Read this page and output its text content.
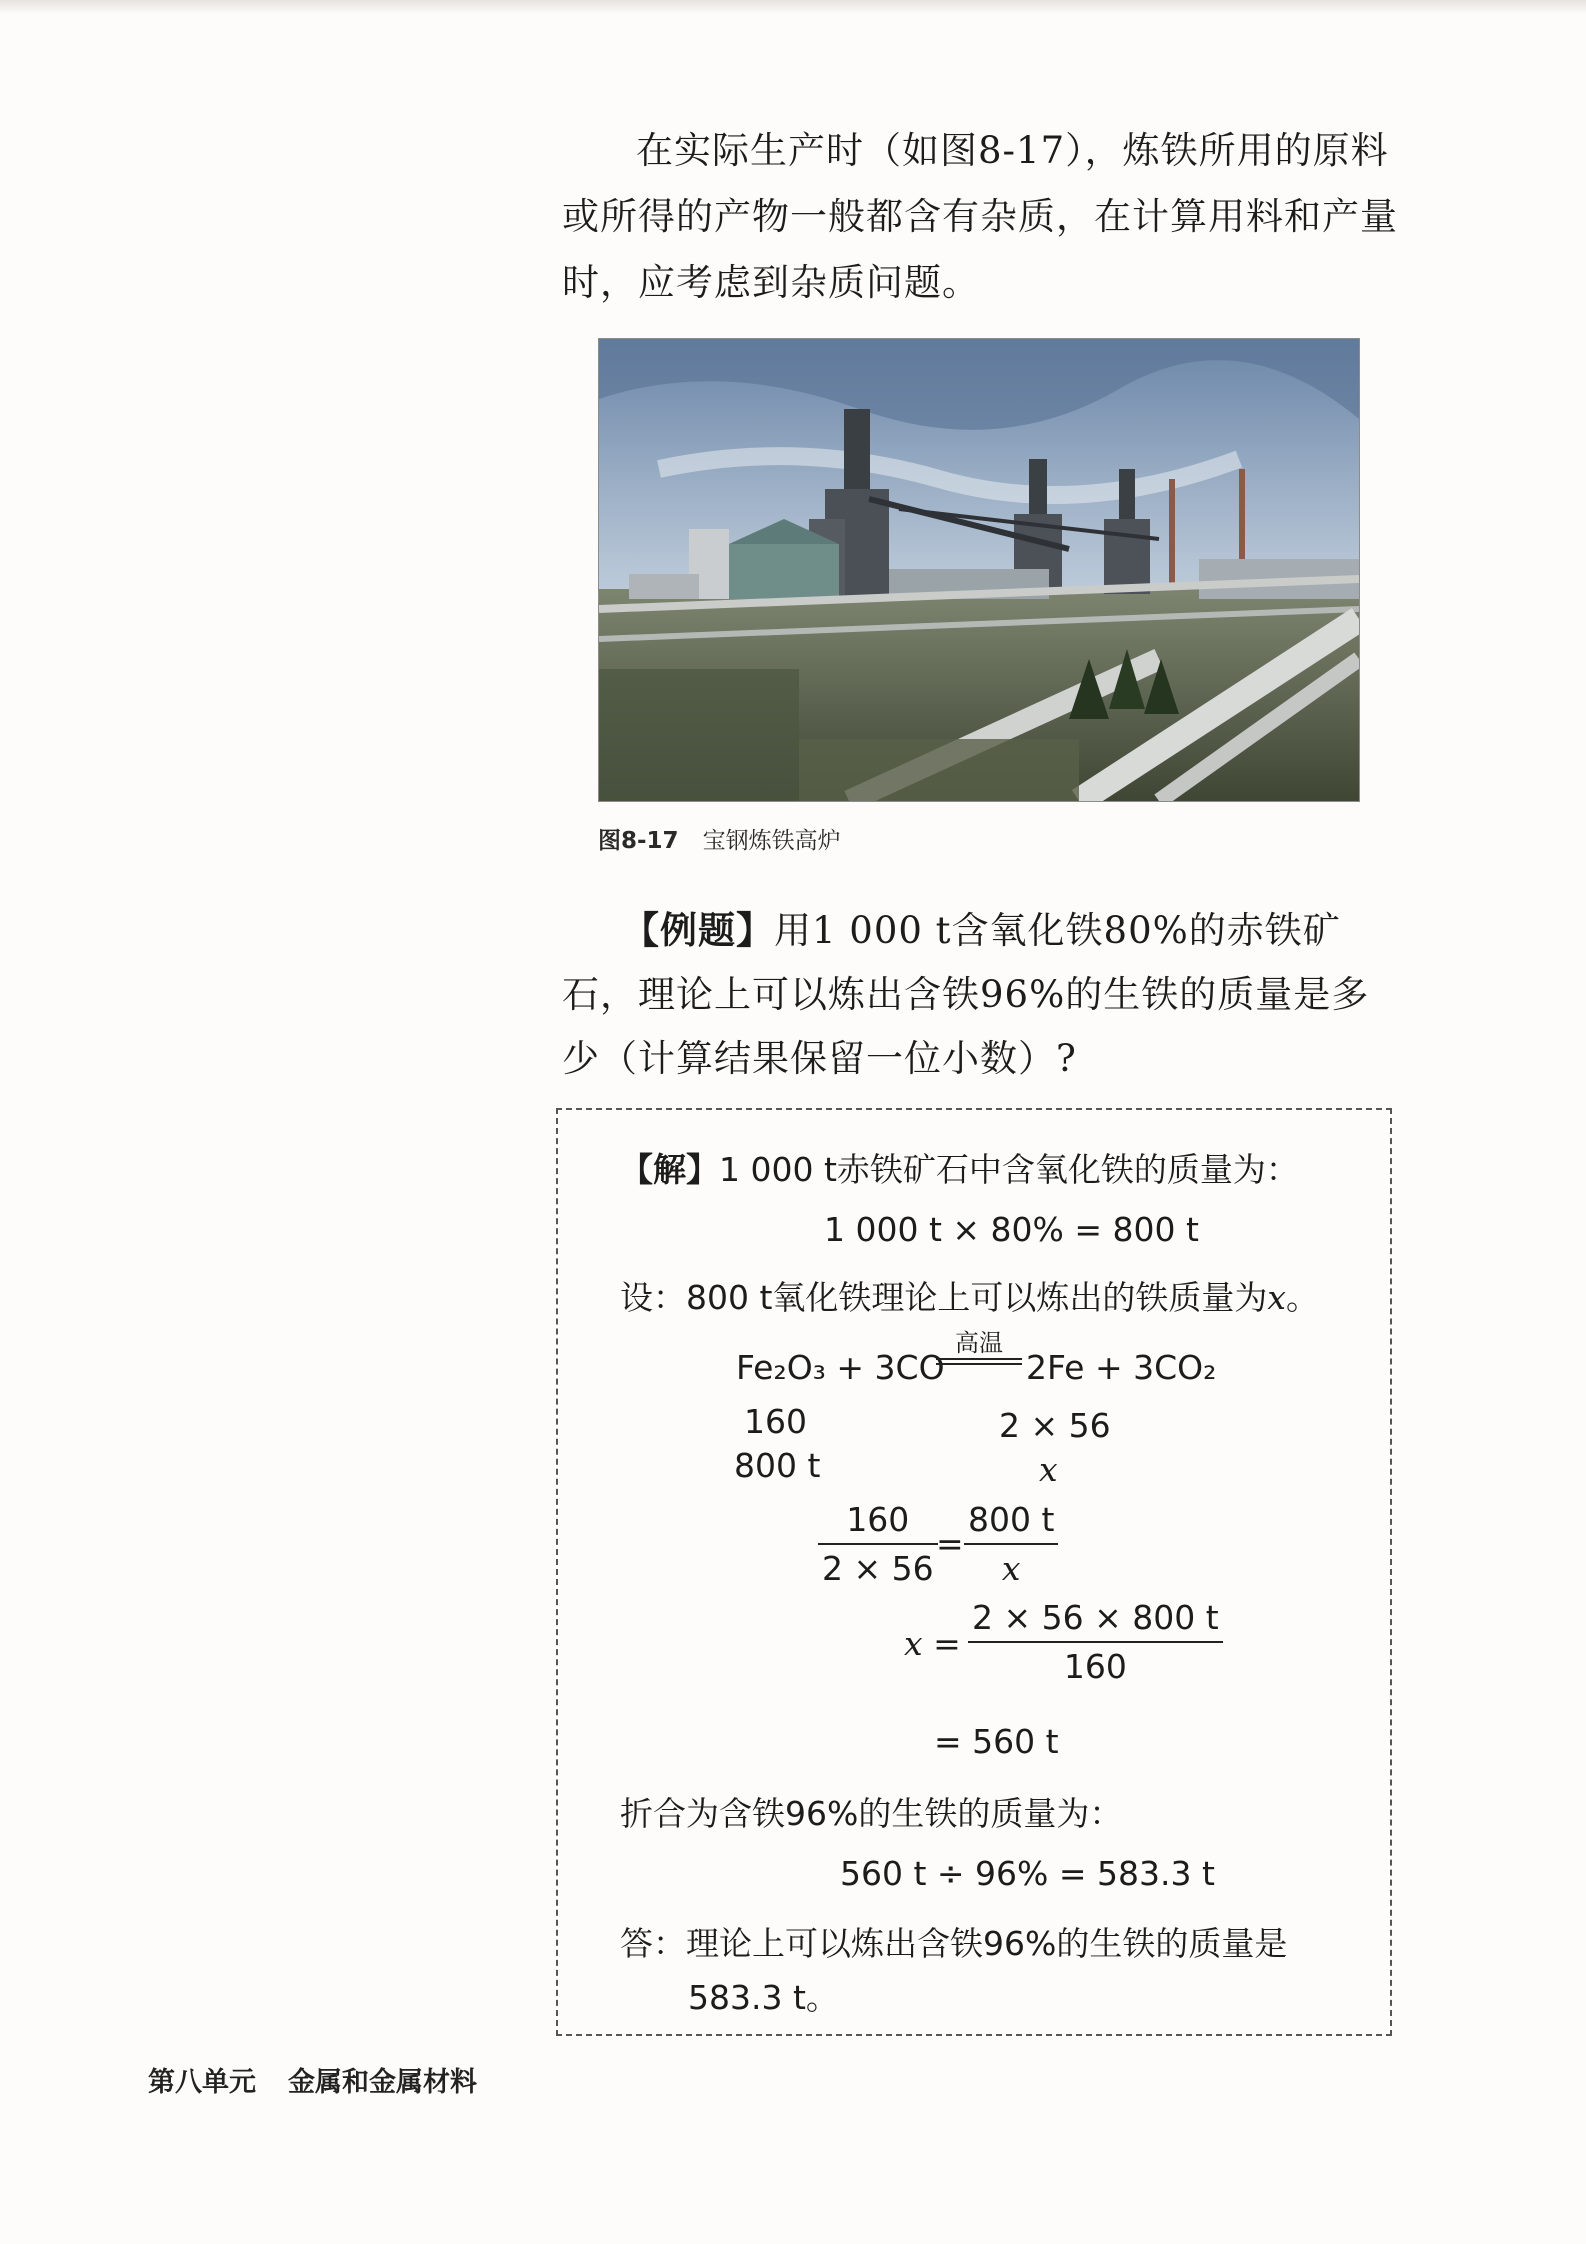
在实际生产时（如图8-17），炼铁所用的原料或所得的产物一般都含有杂质，在计算用料和产量时，应考虑到杂质问题。

图8-17 宝钢炼铁高炉

【例题】用1 000 t含氧化铁80%的赤铁矿石，理论上可以炼出含铁96%的生铁的质量是多少（计算结果保留一位小数）?

【解】1 000 t赤铁矿石中含氧化铁的质量为：
1 000 t × 80% = 800 t
设：800 t氧化铁理论上可以炼出的铁质量为x。
Fe₂O₃ + 3CO
高温
2Fe + 3CO₂
160
800 t
2 × 56
x
$\frac{160}{2 \times 56}$
= $\frac{800 t}{x}$
$x = \frac{2 \times 56 \times 800 t}{160}$
= 560 t
折合为含铁96%的生铁的质量为：
560 t ÷ 96% = 583.3 t
答：理论上可以炼出含铁96%的生铁的质量是
583.3 t。
第八单元 金属和金属材料
